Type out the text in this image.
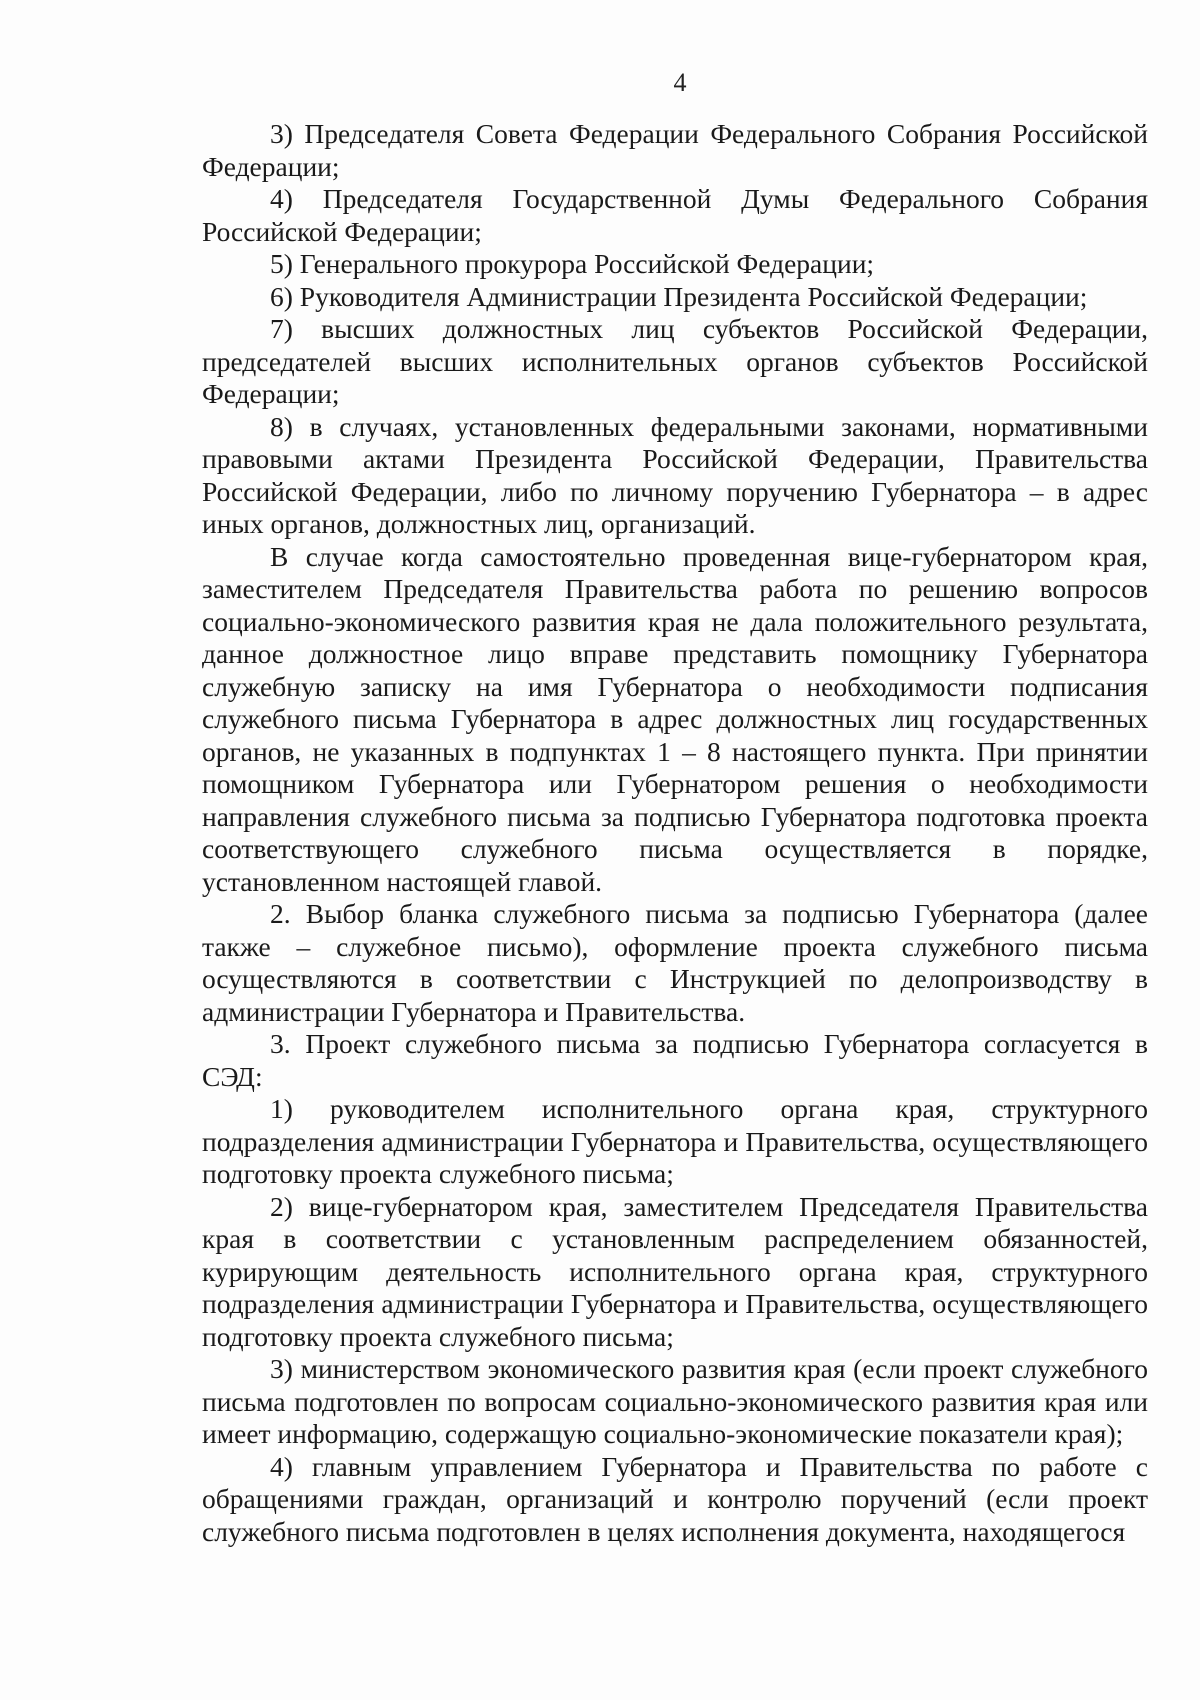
4

3) Председателя Совета Федерации Федерального Собрания Российской Федерации;

4) Председателя Государственной Думы Федерального Собрания Российской Федерации;

5) Генерального прокурора Российской Федерации;

6) Руководителя Администрации Президента Российской Федерации;

7) высших должностных лиц субъектов Российской Федерации, председателей высших исполнительных органов субъектов Российской Федерации;

8) в случаях, установленных федеральными законами, нормативными правовыми актами Президента Российской Федерации, Правительства Российской Федерации, либо по личному поручению Губернатора – в адрес иных органов, должностных лиц, организаций.

В случае когда самостоятельно проведенная вице-губернатором края, заместителем Председателя Правительства работа по решению вопросов социально-экономического развития края не дала положительного результата, данное должностное лицо вправе представить помощнику Губернатора служебную записку на имя Губернатора о необходимости подписания служебного письма Губернатора в адрес должностных лиц государственных органов, не указанных в подпунктах 1 – 8 настоящего пункта. При принятии помощником Губернатора или Губернатором решения о необходимости направления служебного письма за подписью Губернатора подготовка проекта соответствующего служебного письма осуществляется в порядке, установленном настоящей главой.

2. Выбор бланка служебного письма за подписью Губернатора (далее также – служебное письмо), оформление проекта служебного письма осуществляются в соответствии с Инструкцией по делопроизводству в администрации Губернатора и Правительства.

3. Проект служебного письма за подписью Губернатора согласуется в СЭД:

1) руководителем исполнительного органа края, структурного подразделения администрации Губернатора и Правительства, осуществляющего подготовку проекта служебного письма;

2) вице-губернатором края, заместителем Председателя Правительства края в соответствии с установленным распределением обязанностей, курирующим деятельность исполнительного органа края, структурного подразделения администрации Губернатора и Правительства, осуществляющего подготовку проекта служебного письма;

3) министерством экономического развития края (если проект служебного письма подготовлен по вопросам социально-экономического развития края или имеет информацию, содержащую социально-экономические показатели края);

4) главным управлением Губернатора и Правительства по работе с обращениями граждан, организаций и контролю поручений (если проект служебного письма подготовлен в целях исполнения документа, находящегося
